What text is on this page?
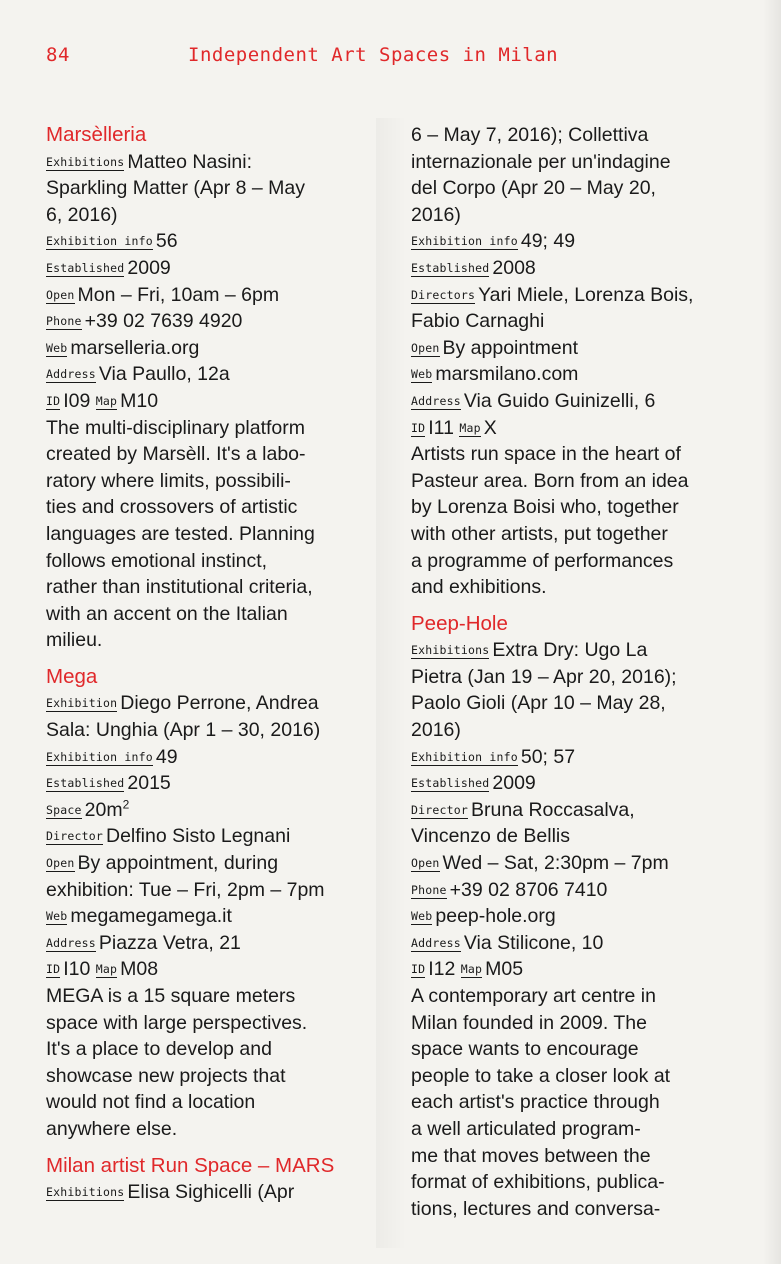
84	Independent Art Spaces in Milan

Marsèlleria

Exhibitions Matteo Nasini:

Sparkling Matter (Apr 8 – May

6, 2016)

Exhibition info 56

Established 2009

Open Mon – Fri, 10am – 6pm

Phone +39 02 7639 4920

Web marselleria.org

Address Via Paullo, 12a

ID I09 Map M10

The multi-disciplinary platform

created by Marsèll. It's a labo-

ratory where limits, possibili-

ties and crossovers of artistic

languages are tested. Planning

follows emotional instinct,

rather than institutional criteria,

with an accent on the Italian

milieu.

Mega

Exhibition Diego Perrone, Andrea

Sala: Unghia (Apr 1 – 30, 2016)

Exhibition info 49

Established 2015

Space $20m^2$

Director Delfino Sisto Legnani

Open By appointment, during

exhibition: Tue – Fri, 2pm – 7pm

Web megamegamega.it

Address Piazza Vetra, 21

ID I10 Map M08

MEGA is a 15 square meters

space with large perspectives.

It's a place to develop and

showcase new projects that

would not find a location

anywhere else.

Milan artist Run Space – MARS

Exhibitions Elisa Sighicelli (Apr

6 – May 7, 2016); Collettiva

internazionale per un'indagine

del Corpo (Apr 20 – May 20,

2016)

Exhibition info 49; 49

Established 2008

Directors Yari Miele, Lorenza Bois,

Fabio Carnaghi

Open By appointment

Web marsmilano.com

Address Via Guido Guinizelli, 6

ID I11 Map X

Artists run space in the heart of

Pasteur area. Born from an idea

by Lorenza Boisi who, together

with other artists, put together

a programme of performances

and exhibitions.

Peep-Hole

Exhibitions Extra Dry: Ugo La

Pietra (Jan 19 – Apr 20, 2016);

Paolo Gioli (Apr 10 – May 28,

2016)

Exhibition info 50; 57

Established 2009

Director Bruna Roccasalva,

Vincenzo de Bellis

Open Wed – Sat, 2:30pm – 7pm

Phone +39 02 8706 7410

Web peep-hole.org

Address Via Stilicone, 10

ID I12 Map M05

A contemporary art centre in

Milan founded in 2009. The

space wants to encourage

people to take a closer look at

each artist's practice through

a well articulated program-

me that moves between the

format of exhibitions, publica-

tions, lectures and conversa-
